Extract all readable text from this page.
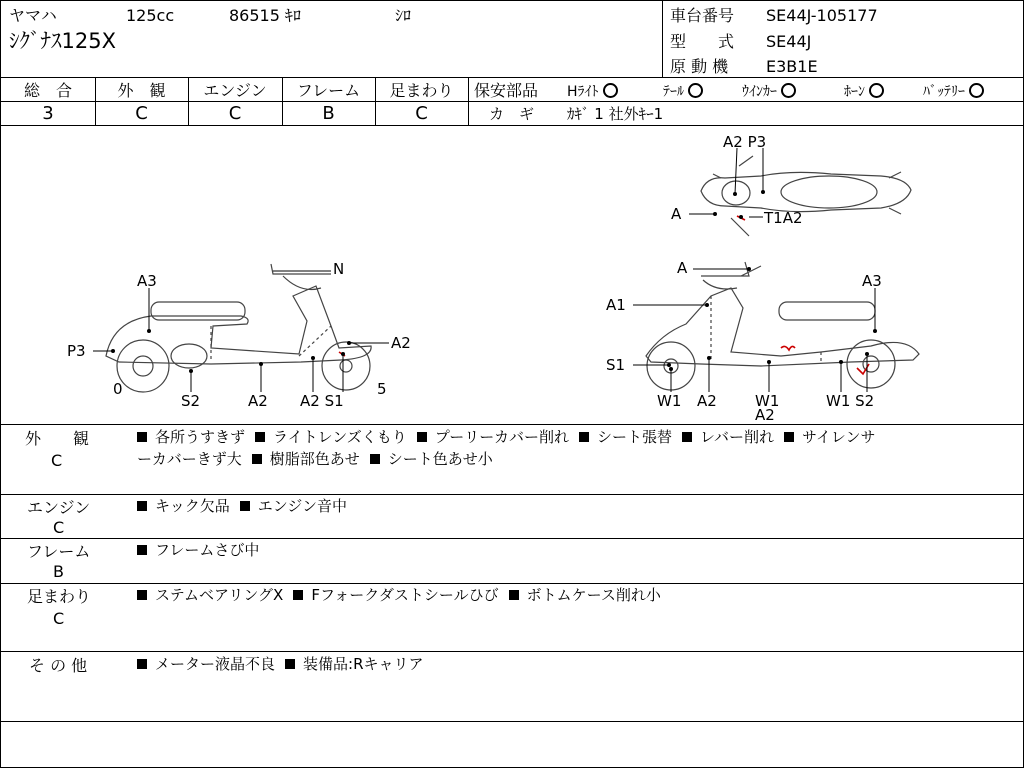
ヤマハ	125cc	86515 ｷﾛ	ｼﾛ
ｼｸﾞﾅｽ125X
車台番号 SE44J-105177
型　　式 SE44J
原 動 機 E3B1E
総　合	外　観	エンジン	フレーム	足まわり
3	C	C	B	C
保安部品 Hﾗｲﾄ	ﾃｰﾙ	ｳｲﾝｶｰ	ﾎｰﾝ	ﾊﾞｯﾃﾘｰ
カ　ギ ｶｷﾞ 1 社外ｷｰ1
A2 P3
A	T1A2
A3
N
P3	A2
0	5
S2	A2 A2 S1
A
A3
A1
S1
W1 A2	W1
A2
W1 S2
外　　観
C
各所うすきず ライトレンズくもり プーリーカバー削れ シート張替 レバー削れ サイレンサ
ーカバーきず大 樹脂部色あせ シート色あせ小
エンジン
C
キック欠品 エンジン音中
フレーム
B
フレームさび中
足まわり
C
ステムベアリングX Fフォークダストシールひび ボトムケース削れ小
そ の 他	メーター液晶不良 装備品:Rキャリア
